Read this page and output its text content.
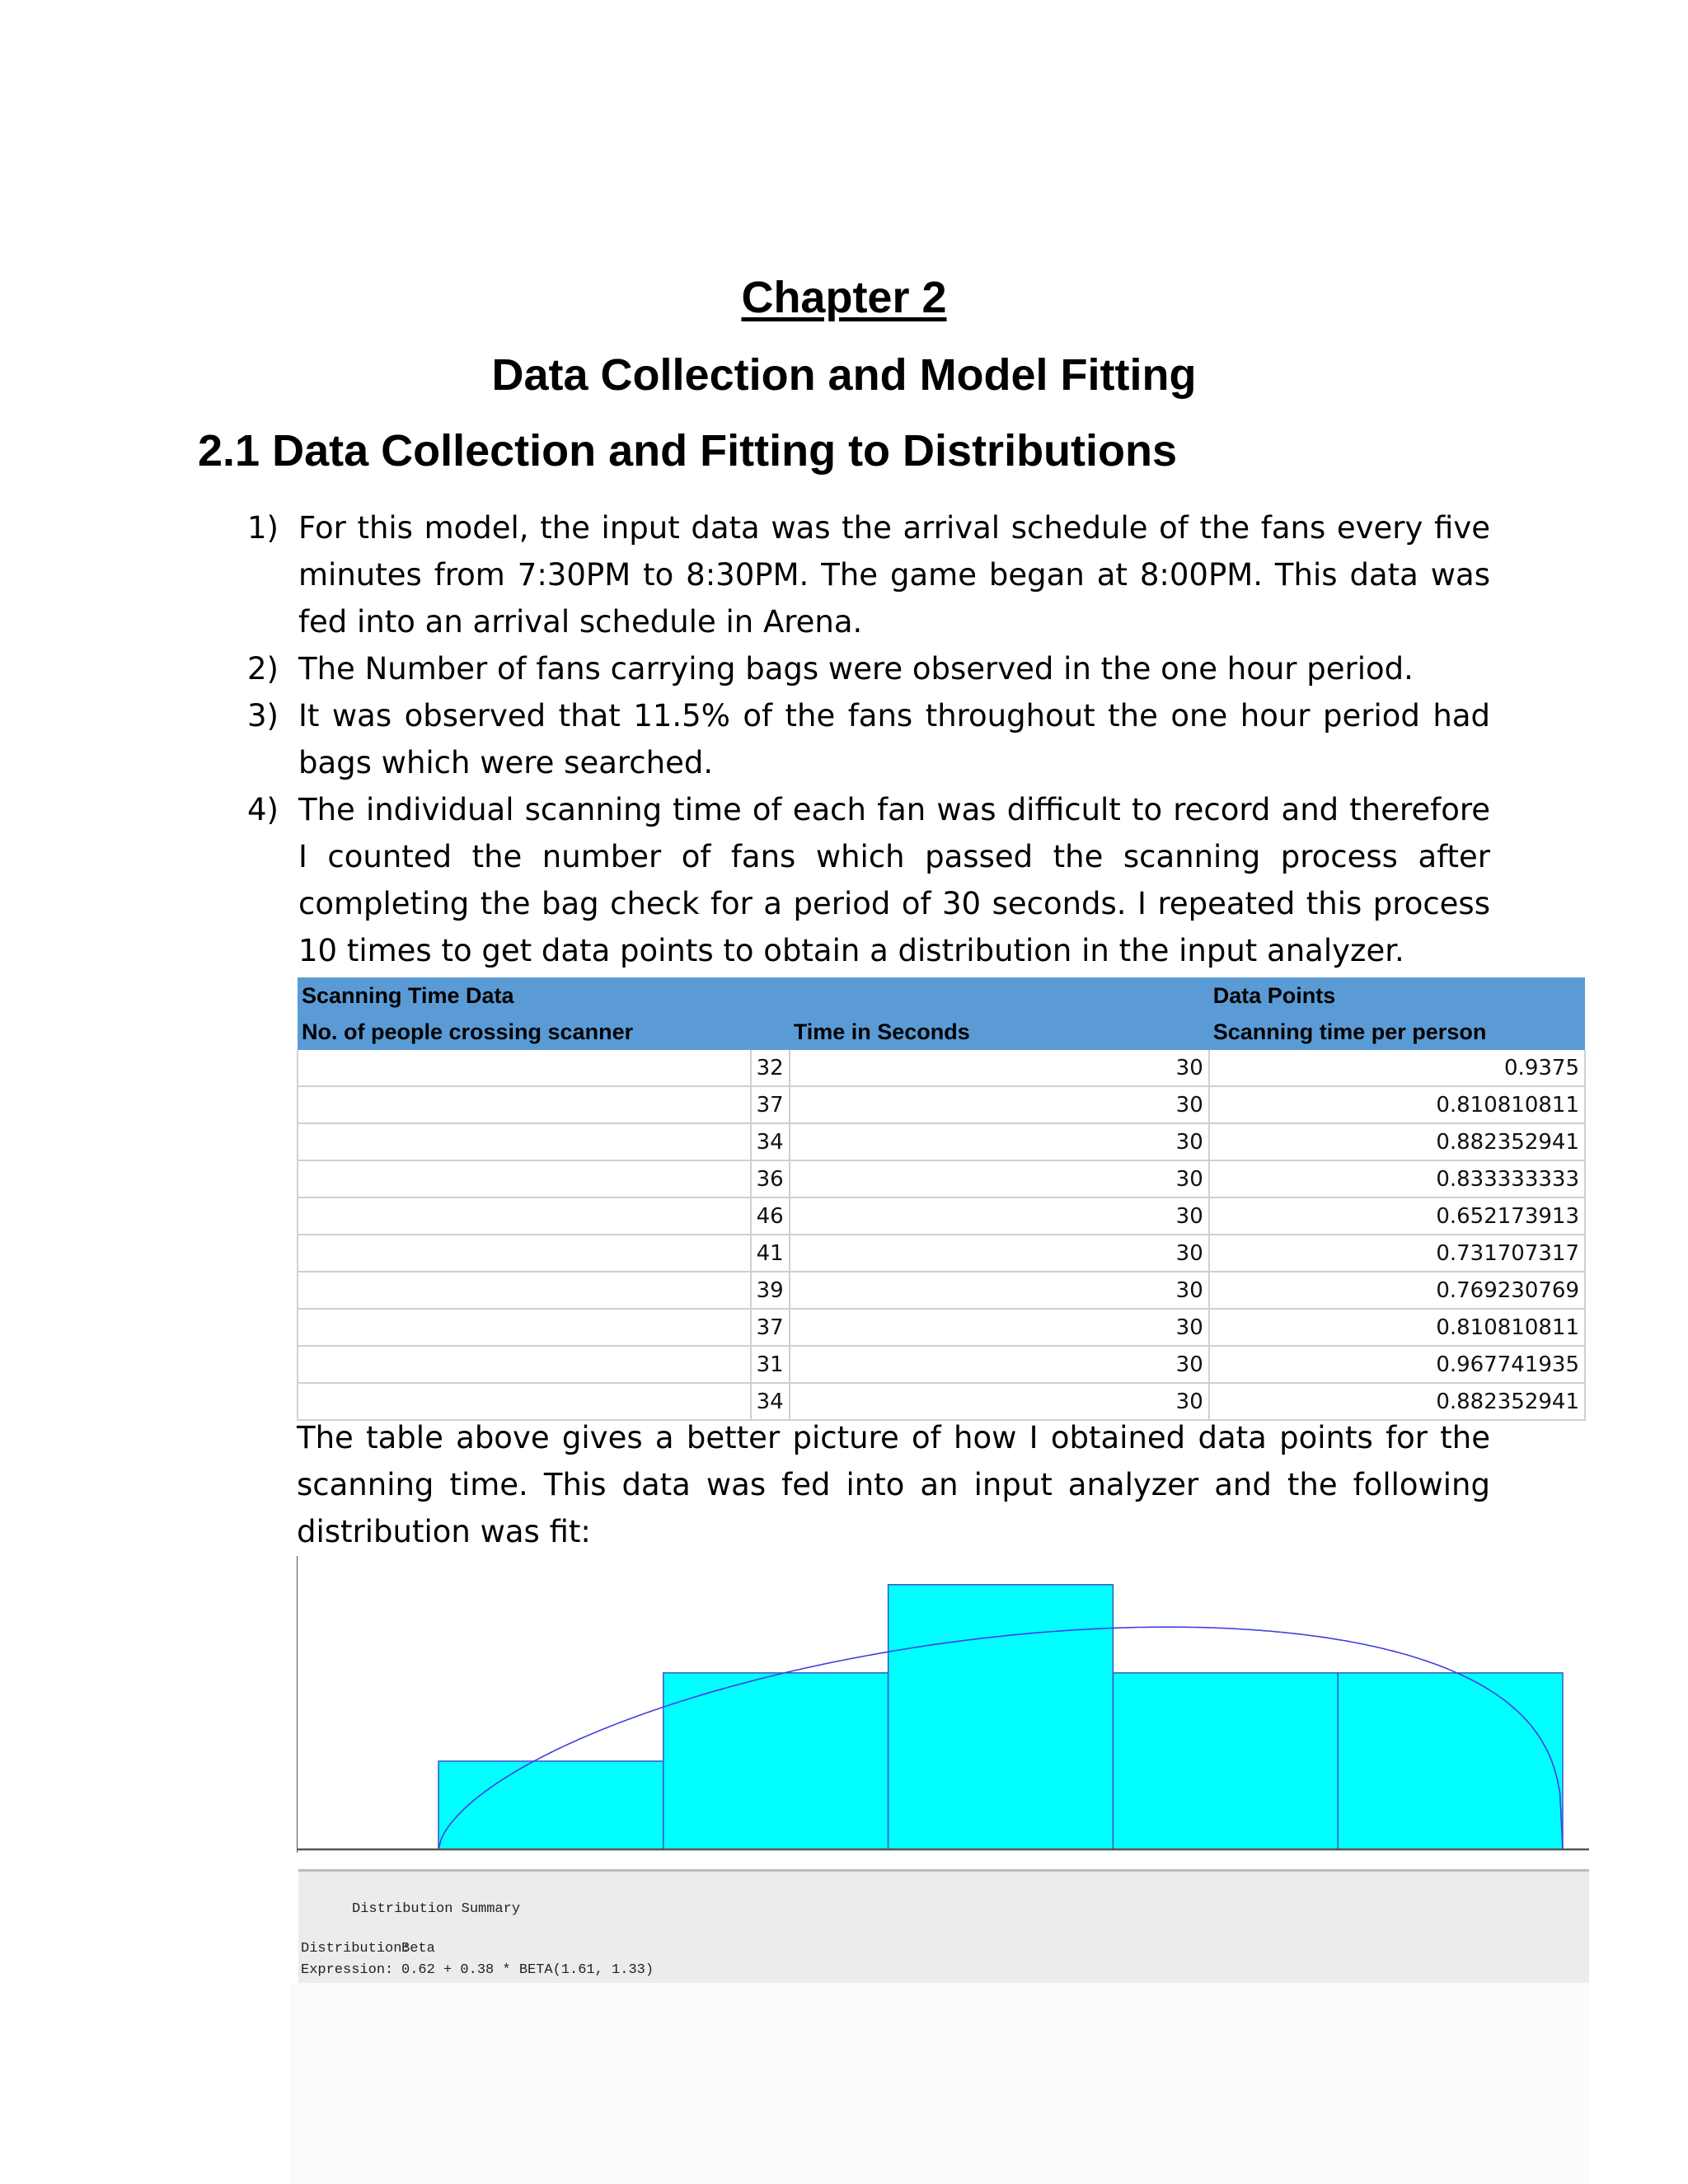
Chapter 2
Data Collection and Model Fitting
2.1 Data Collection and Fitting to Distributions
1) For this model, the input data was the arrival schedule of the fans every five minutes from 7:30PM to 8:30PM. The game began at 8:00PM. This data was fed into an arrival schedule in Arena.
2) The Number of fans carrying bags were observed in the one hour period.
3) It was observed that 11.5% of the fans throughout the one hour period had bags which were searched.
4) The individual scanning time of each fan was difficult to record and therefore I counted the number of fans which passed the scanning process after completing the bag check for a period of 30 seconds. I repeated this process 10 times to get data points to obtain a distribution in the input analyzer.
Scanning Time Data			Data Points
No. of people crossing scanner		Time in Seconds	Scanning time per person
	32	30	0.9375
	37	30	0.810810811
	34	30	0.882352941
	36	30	0.833333333
	46	30	0.652173913
	41	30	0.731707317
	39	30	0.769230769
	37	30	0.810810811
	31	30	0.967741935
	34	30	0.882352941
The table above gives a better picture of how I obtained data points for the scanning time. This data was fed into an input analyzer and the following distribution was fit:
Distribution Summary
Distribution:Beta
Expression: 0.62 + 0.38 * BETA(1.61, 1.33)
